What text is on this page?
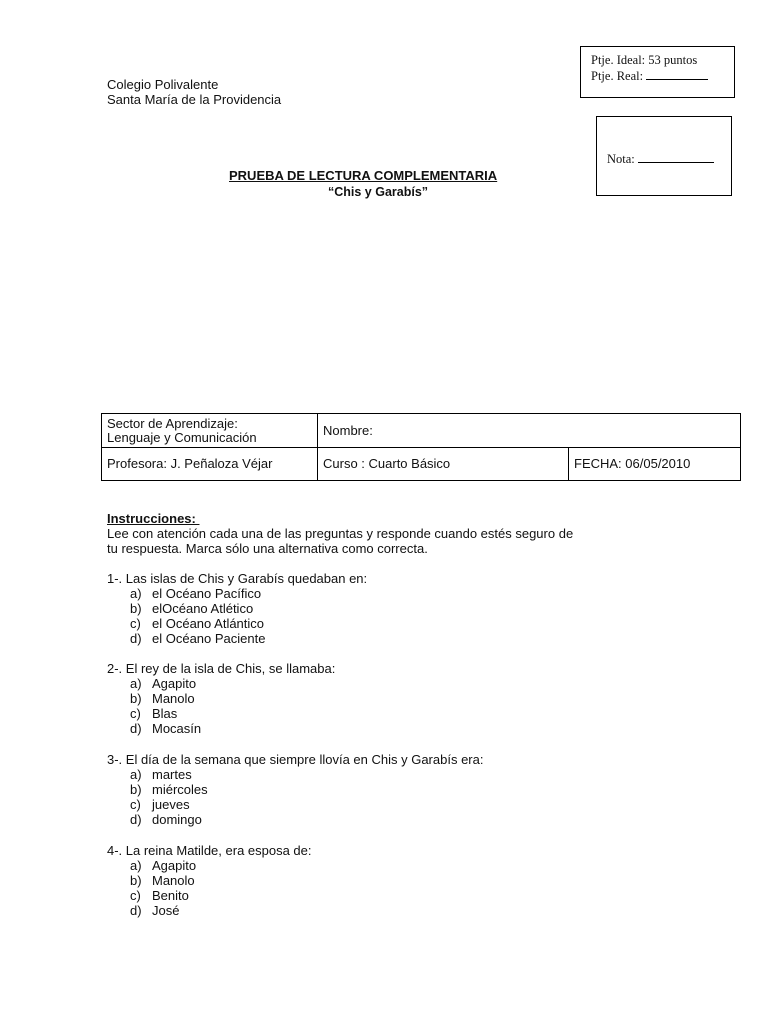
Colegio Polivalente
Santa María de la Providencia
Ptje. Ideal: 53 puntos
Ptje. Real:
Nota:
PRUEBA DE LECTURA COMPLEMENTARIA
“Chis y Garabís”
Sector de Aprendizaje:
Lenguaje y Comunicación	Nombre:	
Profesora: J. Peñaloza Véjar	Curso : Cuarto Básico	FECHA: 06/05/2010
Instrucciones:
Lee con atención cada una de las preguntas y responde cuando estés seguro de
tu respuesta. Marca sólo una alternativa como correcta.
1-. Las islas de Chis y Garabís quedaban en:
a) el Océano Pacífico
b) elOcéano Atlético
c) el Océano Atlántico
d) el Océano Paciente
2-. El rey de la isla de Chis, se llamaba:
a) Agapito
b) Manolo
c) Blas
d) Mocasín
3-. El día de la semana que siempre llovía en Chis y Garabís era:
a) martes
b) miércoles
c) jueves
d) domingo
4-. La reina Matilde, era esposa de:
a) Agapito
b) Manolo
c) Benito
d) José
